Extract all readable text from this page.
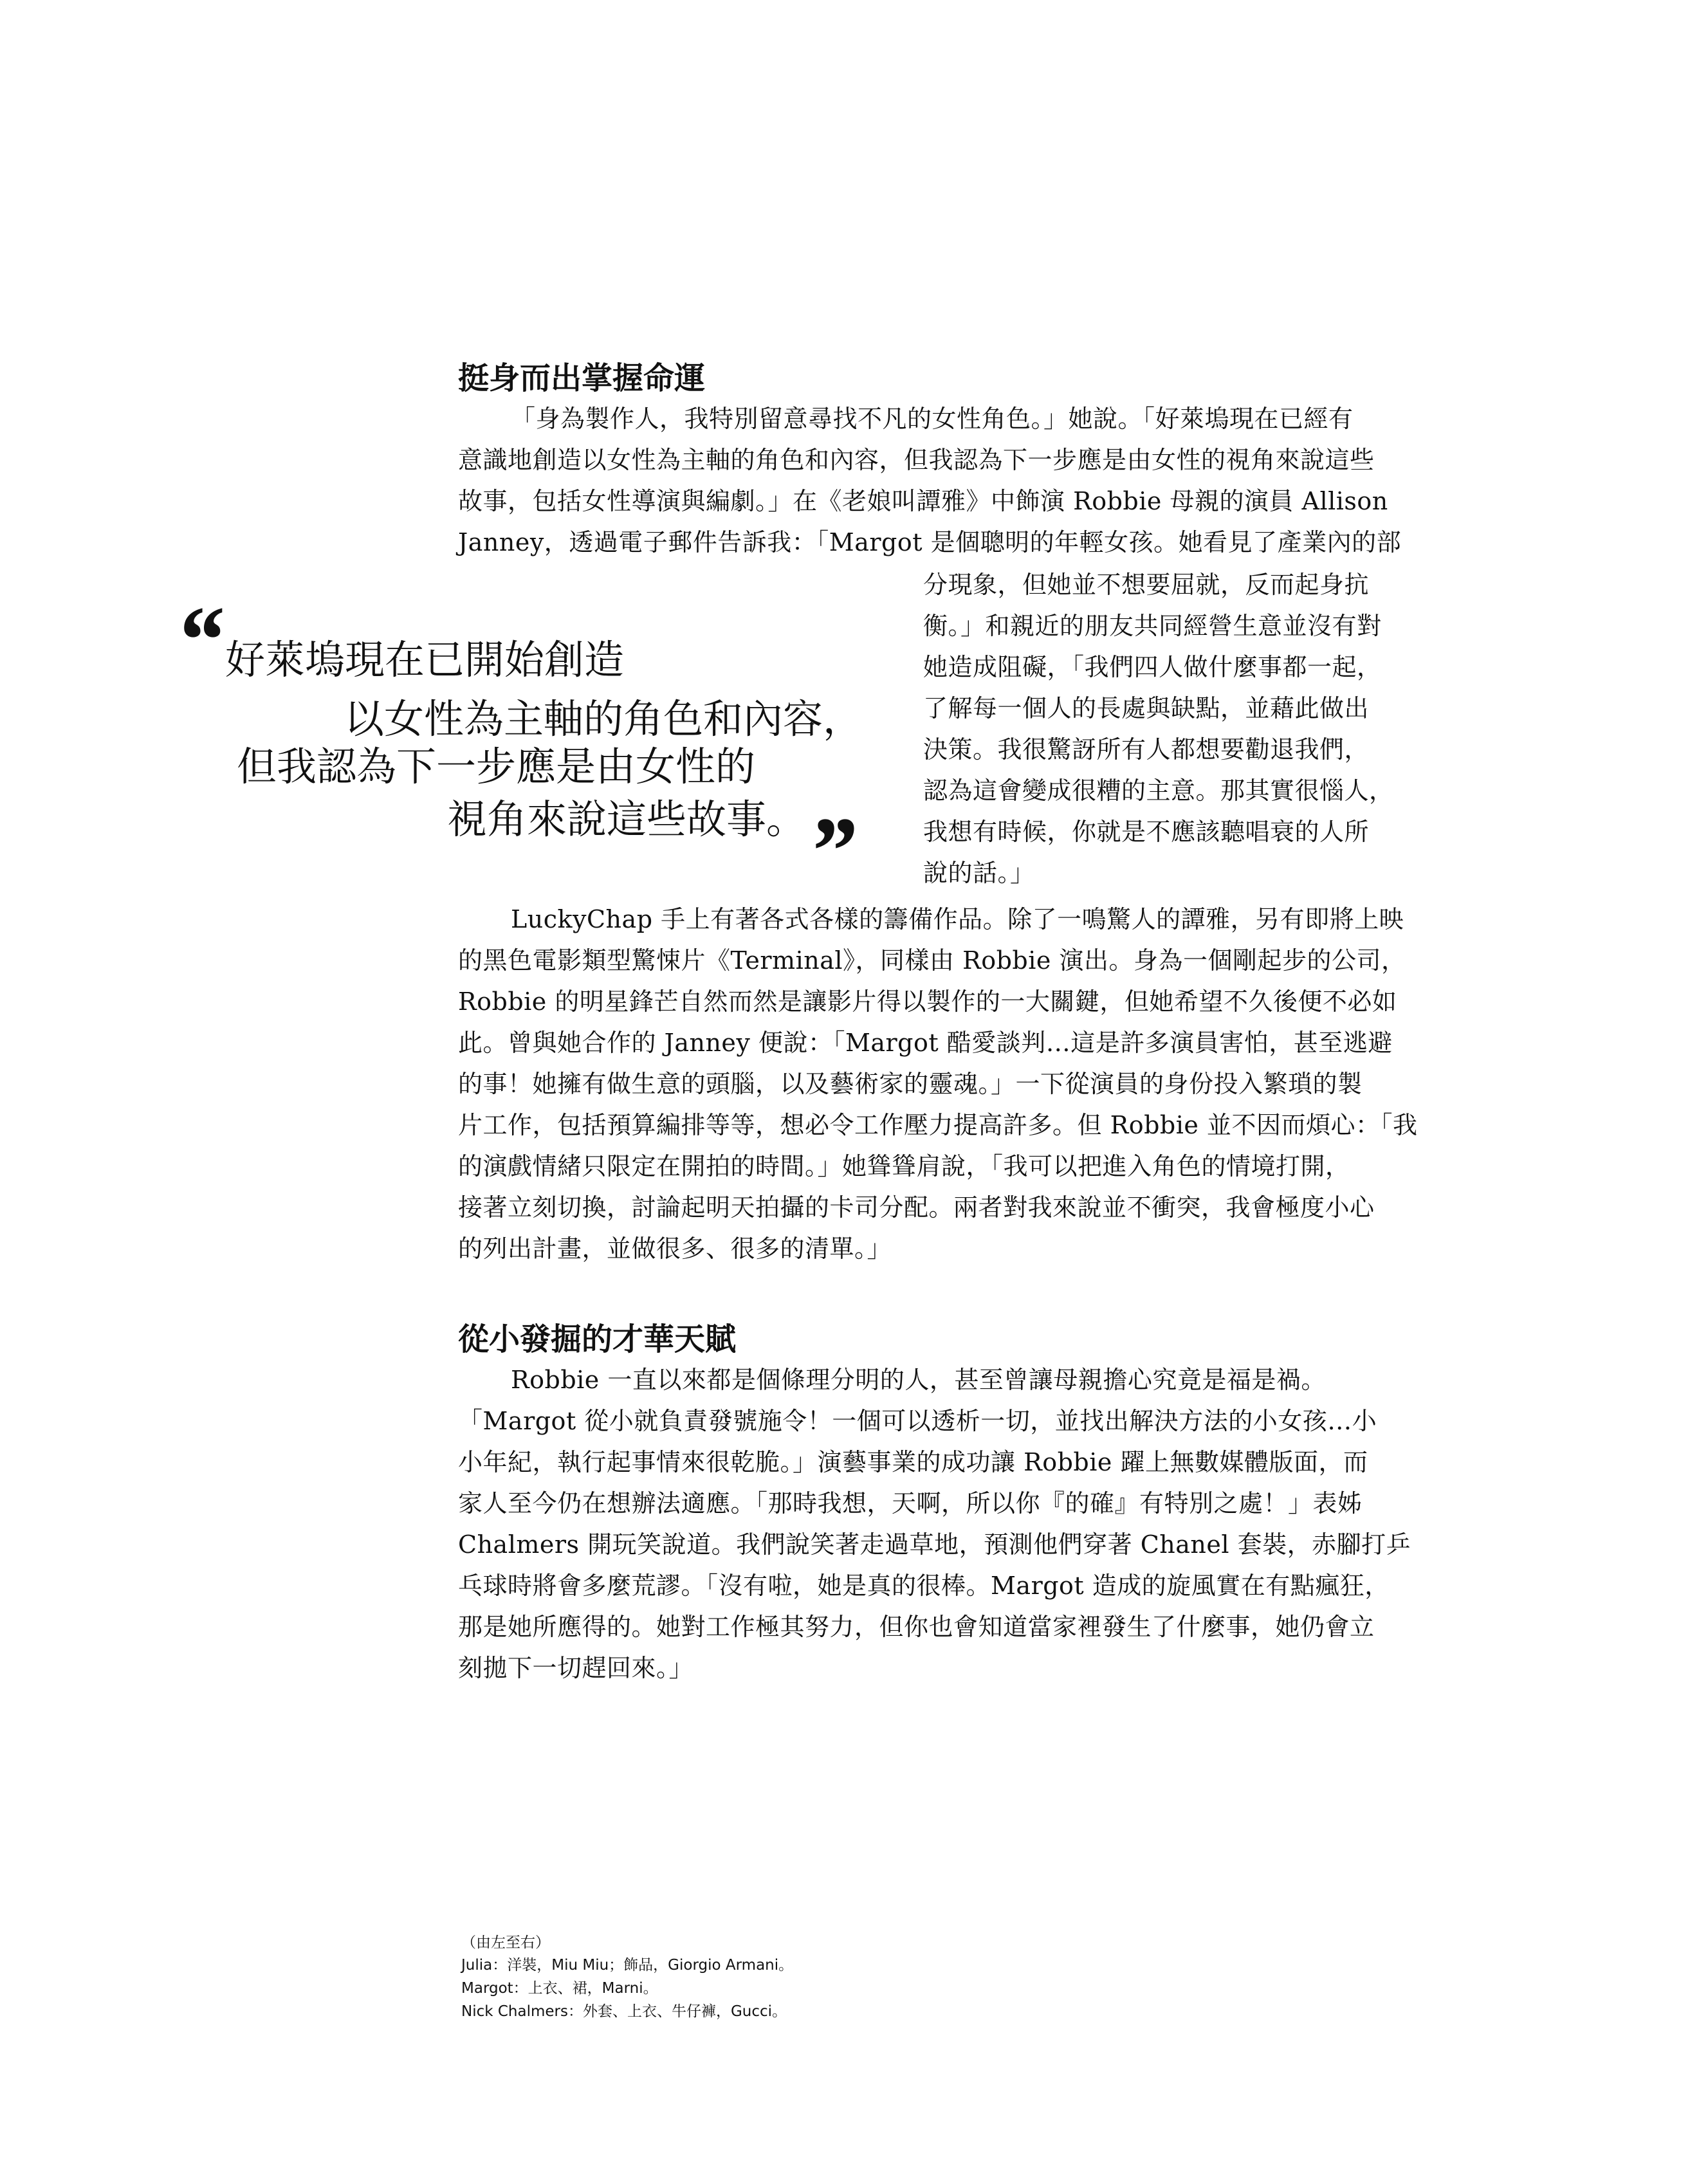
挺身而出掌握命運

「身為製作人，我特別留意尋找不凡的女性角色。」她說。「好萊塢現在已經有

意識地創造以女性為主軸的角色和內容，但我認為下一步應是由女性的視角來說這些

故事，包括女性導演與編劇。」在《老娘叫譚雅》中飾演 Robbie 母親的演員 Allison

Janney，透過電子郵件告訴我：「Margot 是個聰明的年輕女孩。她看見了產業內的部

分現象，但她並不想要屈就，反而起身抗

衡。」和親近的朋友共同經營生意並沒有對

她造成阻礙，「我們四人做什麼事都一起，

了解每一個人的長處與缺點，並藉此做出

決策。我很驚訝所有人都想要勸退我們，

認為這會變成很糟的主意。那其實很惱人，

我想有時候，你就是不應該聽唱衰的人所

說的話。」

“ 好萊塢現在已開始創造

以女性為主軸的角色和內容，

但我認為下一步應是由女性的

視角來說這些故事。 ”

LuckyChap 手上有著各式各樣的籌備作品。除了一鳴驚人的譚雅，另有即將上映

的黑色電影類型驚悚片《Terminal》，同樣由 Robbie 演出。身為一個剛起步的公司，

Robbie 的明星鋒芒自然而然是讓影片得以製作的一大關鍵，但她希望不久後便不必如

此。曾與她合作的 Janney 便說：「Margot 酷愛談判…這是許多演員害怕，甚至逃避

的事！她擁有做生意的頭腦，以及藝術家的靈魂。」一下從演員的身份投入繁瑣的製

片工作，包括預算編排等等，想必令工作壓力提高許多。但 Robbie 並不因而煩心：「我

的演戲情緒只限定在開拍的時間。」她聳聳肩說，「我可以把進入角色的情境打開，

接著立刻切換，討論起明天拍攝的卡司分配。兩者對我來說並不衝突，我會極度小心

的列出計畫，並做很多、很多的清單。」

從小發掘的才華天賦

Robbie 一直以來都是個條理分明的人，甚至曾讓母親擔心究竟是福是禍。

「Margot 從小就負責發號施令！一個可以透析一切，並找出解決方法的小女孩…小

小年紀，執行起事情來很乾脆。」演藝事業的成功讓 Robbie 躍上無數媒體版面，而

家人至今仍在想辦法適應。「那時我想，天啊，所以你『的確』有特別之處！」表姊

Chalmers 開玩笑說道。我們說笑著走過草地，預測他們穿著 Chanel 套裝，赤腳打乒

乓球時將會多麼荒謬。「沒有啦，她是真的很棒。Margot 造成的旋風實在有點瘋狂，

那是她所應得的。她對工作極其努力，但你也會知道當家裡發生了什麼事，她仍會立

刻拋下一切趕回來。」

（由左至右）

Julia：洋裝，Miu Miu；飾品，Giorgio Armani。

Margot：上衣、裙，Marni。

Nick Chalmers：外套、上衣、牛仔褲，Gucci。
